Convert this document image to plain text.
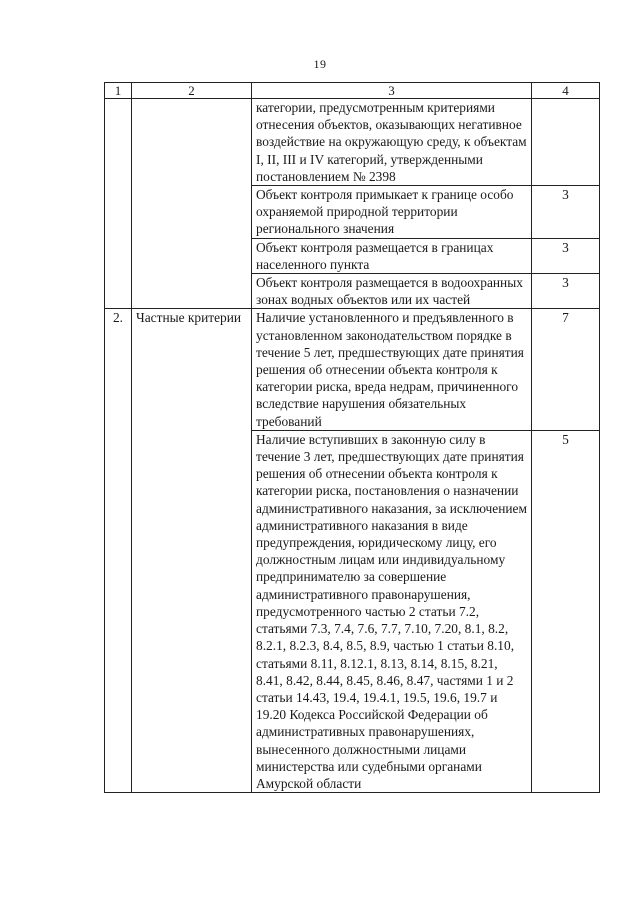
19
1	2	3	4
		категории, предусмотренным критериями отнесения объектов, оказывающих негативное воздействие на окружающую среду, к объектам I, II, III и IV категорий, утвержденными постановлением № 2398	
		Объект контроля примыкает к границе особо охраняемой природной территории регионального значения	3
		Объект контроля размещается в границах населенного пункта	3
		Объект контроля размещается в водоохранных зонах водных объектов или их частей	3
2.	Частные критерии	Наличие установленного и предъявленного в установленном законодательством порядке в течение 5 лет, предшествующих дате принятия решения об отнесении объекта контроля к категории риска, вреда недрам, причиненного вследствие нарушения обязательных требований	7
		Наличие вступивших в законную силу в течение 3 лет, предшествующих дате принятия решения об отнесении объекта контроля к категории риска, постановления о назначении административного наказания, за исключением административного наказания в виде предупреждения, юридическому лицу, его должностным лицам или индивидуальному предпринимателю за совершение административного правонарушения, предусмотренного частью 2 статьи 7.2, статьями 7.3, 7.4, 7.6, 7.7, 7.10, 7.20, 8.1, 8.2, 8.2.1, 8.2.3, 8.4, 8.5, 8.9, частью 1 статьи 8.10, статьями 8.11, 8.12.1, 8.13, 8.14, 8.15, 8.21, 8.41, 8.42, 8.44, 8.45, 8.46, 8.47, частями 1 и 2 статьи 14.43, 19.4, 19.4.1, 19.5, 19.6, 19.7 и 19.20 Кодекса Российской Федерации об административных правонарушениях, вынесенного должностными лицами министерства или судебными органами Амурской области	5
